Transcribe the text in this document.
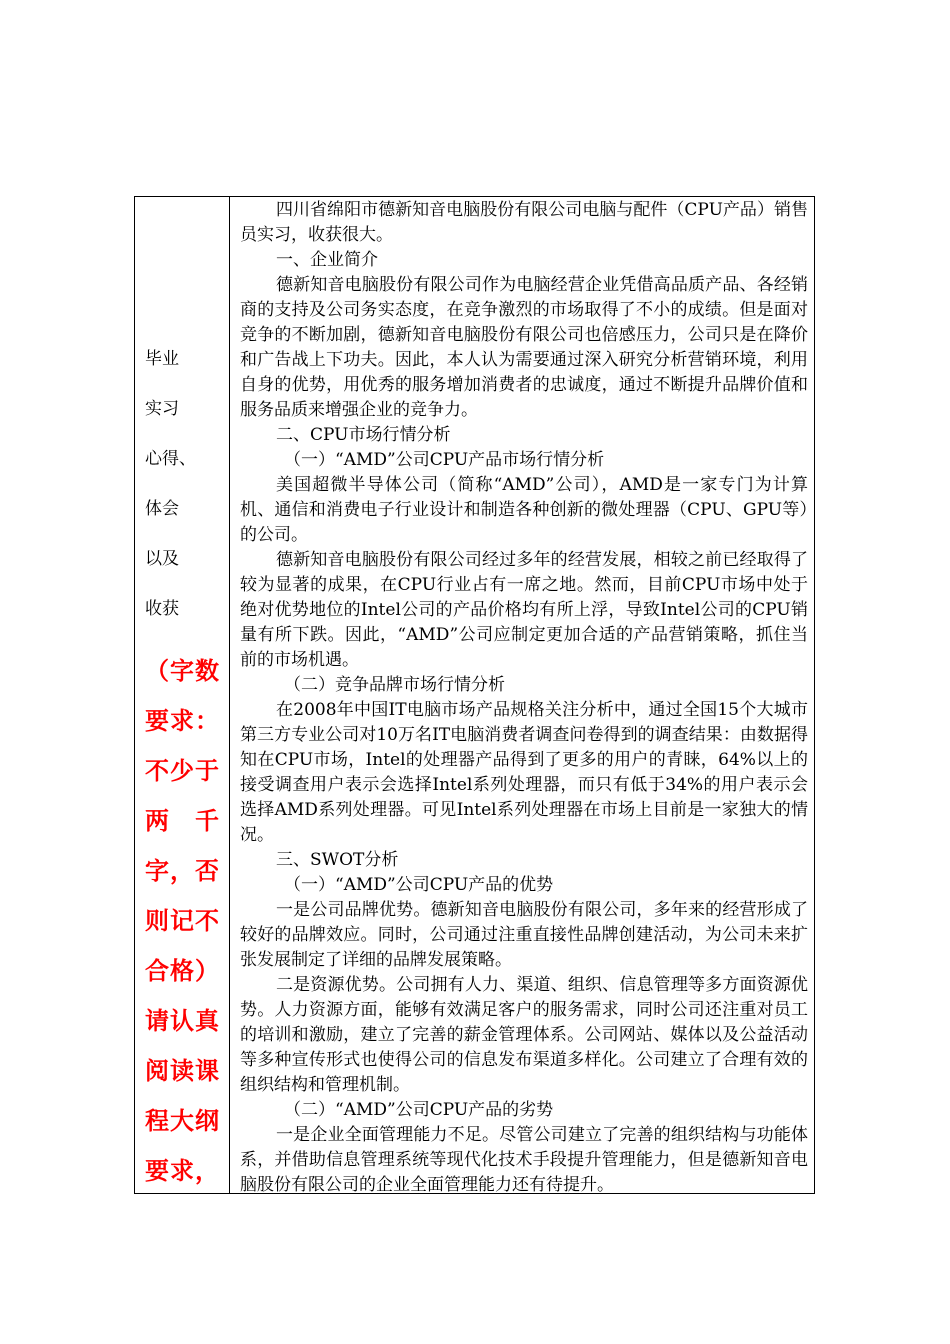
毕业
实习
心得、
体会
以及
收获
（字数
要求：
不少于
两　千
字，否
则记不
合格）
请认真
阅读课
程大纲
要求，

四川省绵阳市德新知音电脑股份有限公司电脑与配件（CPU产品）销售员实习，收获很大。

一、企业简介

德新知音电脑股份有限公司作为电脑经营企业凭借高品质产品、各经销商的支持及公司务实态度，在竞争激烈的市场取得了不小的成绩。但是面对竞争的不断加剧，德新知音电脑股份有限公司也倍感压力，公司只是在降价和广告战上下功夫。因此，本人认为需要通过深入研究分析营销环境，利用自身的优势，用优秀的服务增加消费者的忠诚度，通过不断提升品牌价值和服务品质来增强企业的竞争力。

二、CPU市场行情分析

（一）“AMD”公司CPU产品市场行情分析

美国超微半导体公司（简称“AMD”公司），AMD是一家专门为计算机、通信和消费电子行业设计和制造各种创新的微处理器（CPU、GPU等）的公司。

德新知音电脑股份有限公司经过多年的经营发展，相较之前已经取得了较为显著的成果，在CPU行业占有一席之地。然而，目前CPU市场中处于绝对优势地位的Intel公司的产品价格均有所上浮，导致Intel公司的CPU销量有所下跌。因此，“AMD”公司应制定更加合适的产品营销策略，抓住当前的市场机遇。

（二）竞争品牌市场行情分析

在2008年中国IT电脑市场产品规格关注分析中，通过全国15个大城市第三方专业公司对10万名IT电脑消费者调查问卷得到的调查结果：由数据得知在CPU市场，Intel的处理器产品得到了更多的用户的青睐，64%以上的接受调查用户表示会选择Intel系列处理器，而只有低于34%的用户表示会选择AMD系列处理器。可见Intel系列处理器在市场上目前是一家独大的情况。

三、SWOT分析

（一）“AMD”公司CPU产品的优势

一是公司品牌优势。德新知音电脑股份有限公司，多年来的经营形成了较好的品牌效应。同时，公司通过注重直接性品牌创建活动，为公司未来扩张发展制定了详细的品牌发展策略。

二是资源优势。公司拥有人力、渠道、组织、信息管理等多方面资源优势。人力资源方面，能够有效满足客户的服务需求，同时公司还注重对员工的培训和激励，建立了完善的薪金管理体系。公司网站、媒体以及公益活动等多种宣传形式也使得公司的信息发布渠道多样化。公司建立了合理有效的组织结构和管理机制。

（二）“AMD”公司CPU产品的劣势

一是企业全面管理能力不足。尽管公司建立了完善的组织结构与功能体系，并借助信息管理系统等现代化技术手段提升管理能力，但是德新知音电脑股份有限公司的企业全面管理能力还有待提升。
